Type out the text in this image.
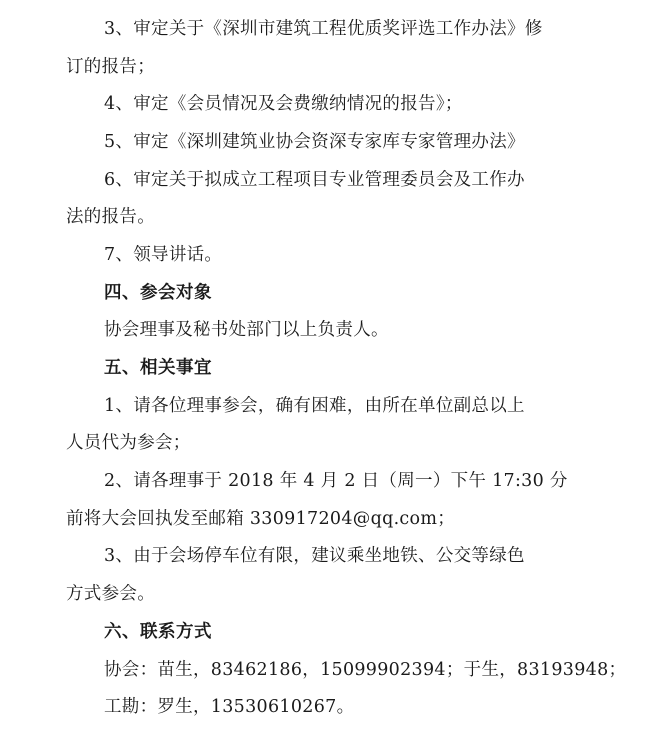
3、审定关于《深圳市建筑工程优质奖评选工作办法》修
订的报告；
4、审定《会员情况及会费缴纳情况的报告》；
5、审定《深圳建筑业协会资深专家库专家管理办法》
6、审定关于拟成立工程项目专业管理委员会及工作办
法的报告。
7、领导讲话。
四、参会对象
协会理事及秘书处部门以上负责人。
五、相关事宜
1、请各位理事参会，确有困难，由所在单位副总以上
人员代为参会；
2、请各理事于 2018 年 4 月 2 日（周一）下午 17:30 分
前将大会回执发至邮箱 330917204@qq.com；
3、由于会场停车位有限，建议乘坐地铁、公交等绿色
方式参会。
六、联系方式
协会：苗生，83462186，15099902394；于生，83193948；
工勘：罗生，13530610267。
